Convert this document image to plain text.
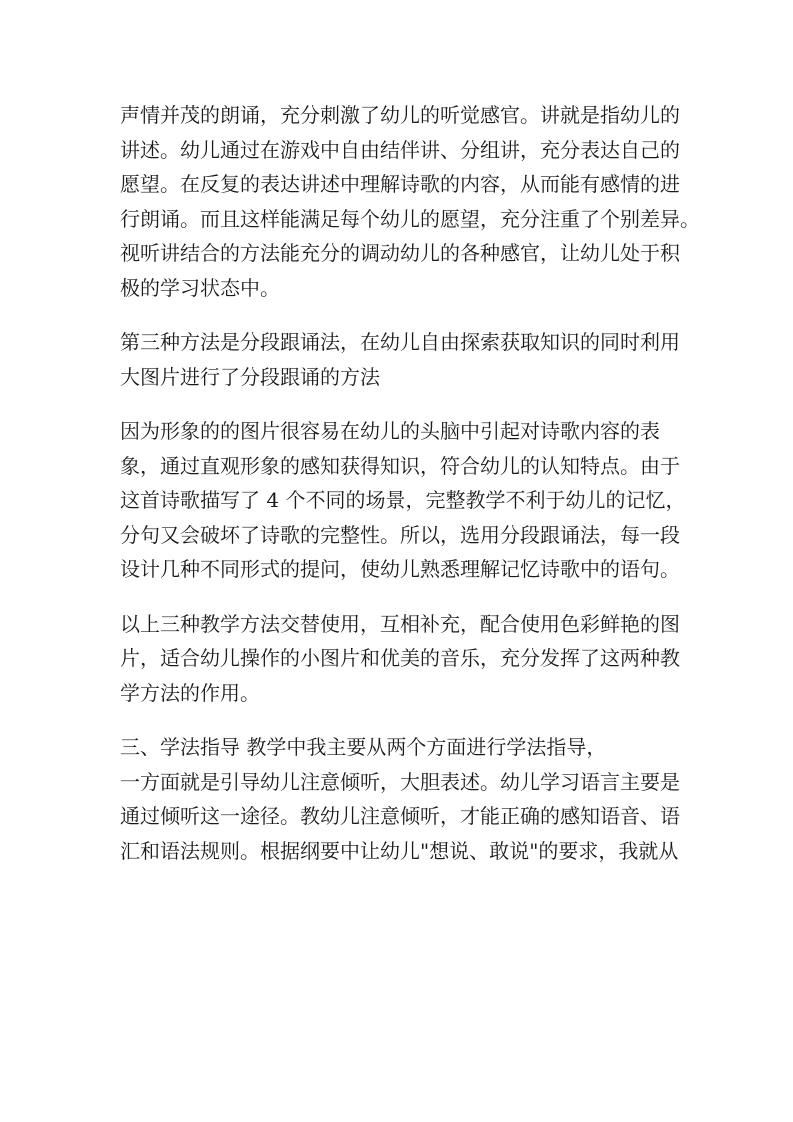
声情并茂的朗诵，充分刺激了幼儿的听觉感官。讲就是指幼儿的
讲述。幼儿通过在游戏中自由结伴讲、分组讲，充分表达自己的
愿望。在反复的表达讲述中理解诗歌的内容，从而能有感情的进
行朗诵。而且这样能满足每个幼儿的愿望，充分注重了个别差异。
视听讲结合的方法能充分的调动幼儿的各种感官，让幼儿处于积
极的学习状态中。

第三种方法是分段跟诵法，在幼儿自由探索获取知识的同时利用
大图片进行了分段跟诵的方法

因为形象的的图片很容易在幼儿的头脑中引起对诗歌内容的表
象，通过直观形象的感知获得知识，符合幼儿的认知特点。由于
这首诗歌描写了 4 个不同的场景，完整教学不利于幼儿的记忆，
分句又会破坏了诗歌的完整性。所以，选用分段跟诵法，每一段
设计几种不同形式的提问，使幼儿熟悉理解记忆诗歌中的语句。

以上三种教学方法交替使用，互相补充，配合使用色彩鲜艳的图
片，适合幼儿操作的小图片和优美的音乐，充分发挥了这两种教
学方法的作用。

三、学法指导 教学中我主要从两个方面进行学法指导，
一方面就是引导幼儿注意倾听，大胆表述。幼儿学习语言主要是
通过倾听这一途径。教幼儿注意倾听，才能正确的感知语音、语
汇和语法规则。根据纲要中让幼儿"想说、敢说"的要求，我就从
